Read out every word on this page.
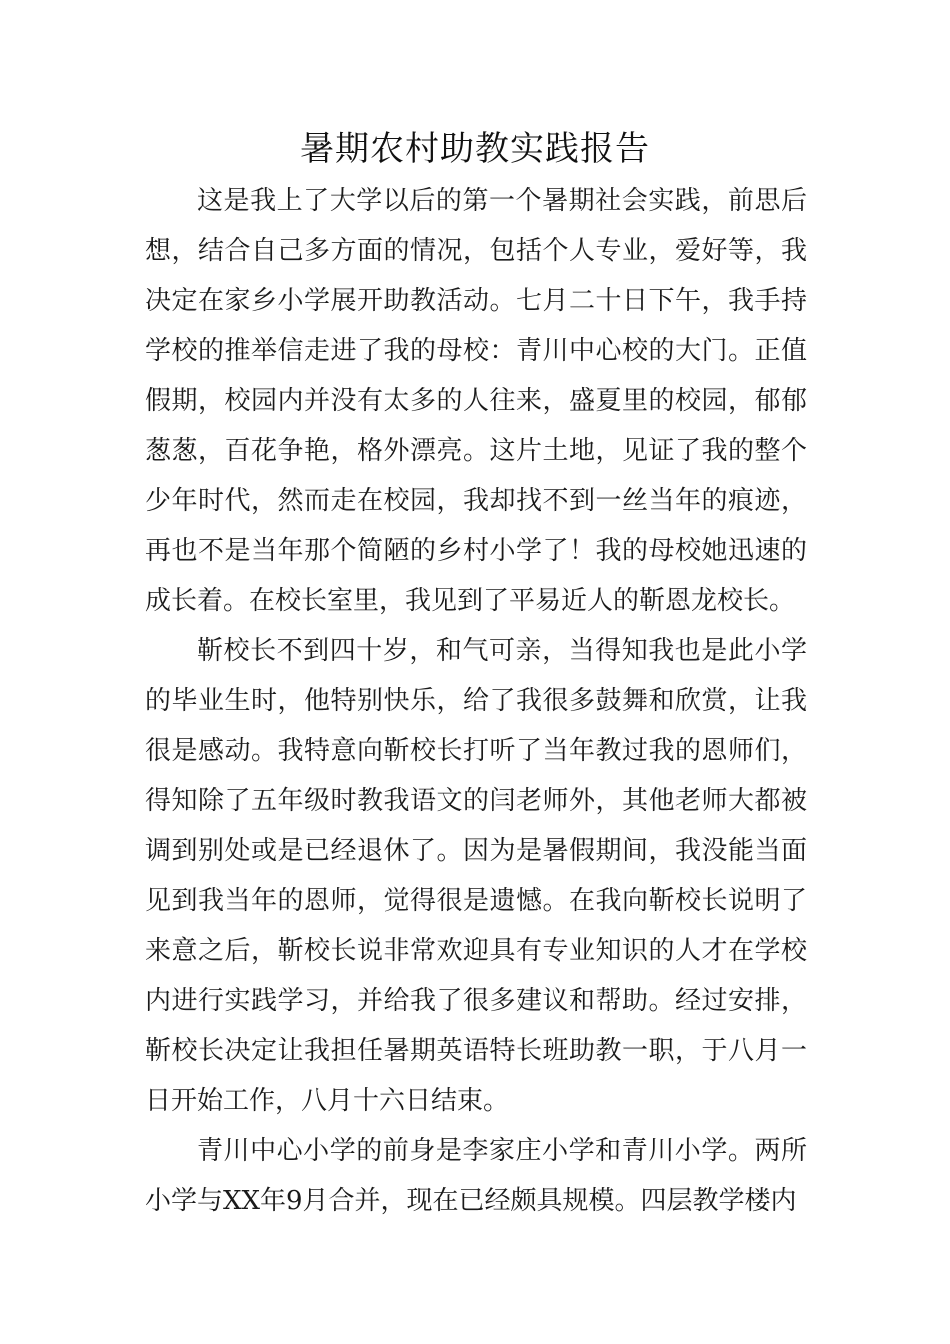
暑期农村助教实践报告

这是我上了大学以后的第一个暑期社会实践，前思后想，结合自己多方面的情况，包括个人专业，爱好等，我决定在家乡小学展开助教活动。七月二十日下午，我手持学校的推举信走进了我的母校：青川中心校的大门。正值假期，校园内并没有太多的人往来，盛夏里的校园，郁郁葱葱，百花争艳，格外漂亮。这片土地，见证了我的整个少年时代，然而走在校园，我却找不到一丝当年的痕迹，再也不是当年那个简陋的乡村小学了！我的母校她迅速的成长着。在校长室里，我见到了平易近人的靳恩龙校长。

靳校长不到四十岁，和气可亲，当得知我也是此小学的毕业生时，他特别快乐，给了我很多鼓舞和欣赏，让我很是感动。我特意向靳校长打听了当年教过我的恩师们，得知除了五年级时教我语文的闫老师外，其他老师大都被调到别处或是已经退休了。因为是暑假期间，我没能当面见到我当年的恩师，觉得很是遗憾。在我向靳校长说明了来意之后，靳校长说非常欢迎具有专业知识的人才在学校内进行实践学习，并给我了很多建议和帮助。经过安排，靳校长决定让我担任暑期英语特长班助教一职，于八月一日开始工作，八月十六日结束。

青川中心小学的前身是李家庄小学和青川小学。两所小学与XX年9月合并，现在已经颇具规模。四层教学楼内
